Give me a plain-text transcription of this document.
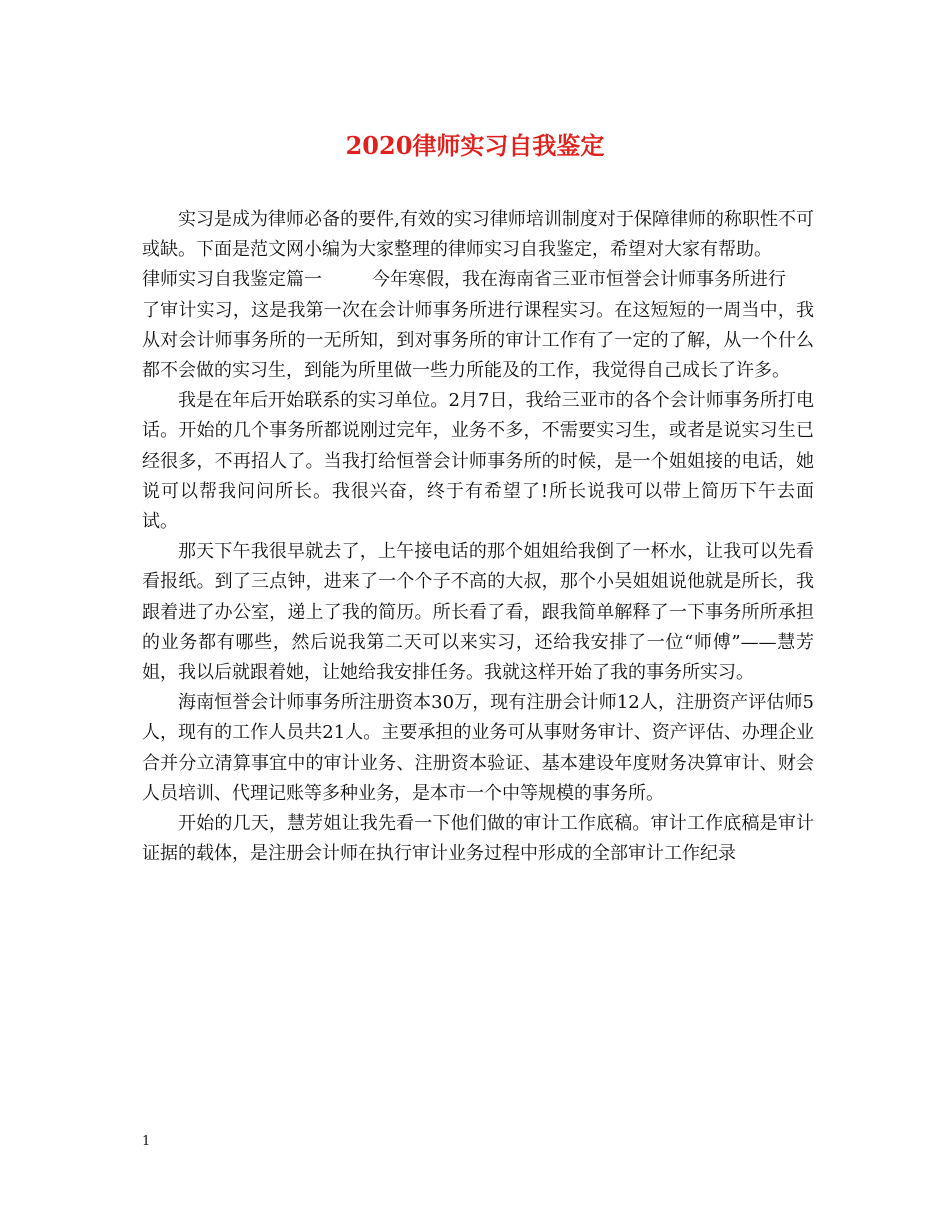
2020律师实习自我鉴定

实习是成为律师必备的要件,有效的实习律师培训制度对于保障律师的称职性不可或缺。下面是范文网小编为大家整理的律师实习自我鉴定，希望对大家有帮助。

律师实习自我鉴定篇一	今年寒假，我在海南省三亚市恒誉会计师事务所进行

了审计实习，这是我第一次在会计师事务所进行课程实习。在这短短的一周当中，我从对会计师事务所的一无所知，到对事务所的审计工作有了一定的了解，从一个什么都不会做的实习生，到能为所里做一些力所能及的工作，我觉得自己成长了许多。

我是在年后开始联系的实习单位。2月7日，我给三亚市的各个会计师事务所打电话。开始的几个事务所都说刚过完年，业务不多，不需要实习生，或者是说实习生已经很多，不再招人了。当我打给恒誉会计师事务所的时候，是一个姐姐接的电话，她说可以帮我问问所长。我很兴奋，终于有希望了!所长说我可以带上简历下午去面试。

那天下午我很早就去了，上午接电话的那个姐姐给我倒了一杯水，让我可以先看看报纸。到了三点钟，进来了一个个子不高的大叔，那个小吴姐姐说他就是所长，我跟着进了办公室，递上了我的简历。所长看了看，跟我简单解释了一下事务所所承担的业务都有哪些，然后说我第二天可以来实习，还给我安排了一位“师傅”——慧芳姐，我以后就跟着她，让她给我安排任务。我就这样开始了我的事务所实习。

海南恒誉会计师事务所注册资本30万，现有注册会计师12人，注册资产评估师5人，现有的工作人员共21人。主要承担的业务可从事财务审计、资产评估、办理企业合并分立清算事宜中的审计业务、注册资本验证、基本建设年度财务决算审计、财会人员培训、代理记账等多种业务，是本市一个中等规模的事务所。

开始的几天，慧芳姐让我先看一下他们做的审计工作底稿。审计工作底稿是审计证据的载体，是注册会计师在执行审计业务过程中形成的全部审计工作纪录

1
